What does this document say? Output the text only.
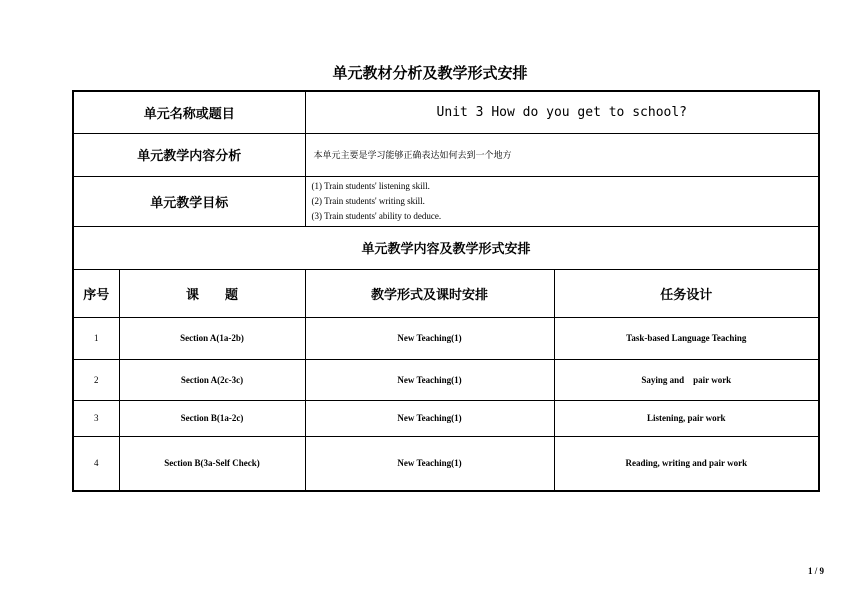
单元教材分析及教学形式安排
单元名称或题目		Unit 3 How do you get to school?	
单元教学内容分析		本单元主要是学习能够正确表达如何去到一个地方	
单元教学目标		(1) Train students' listening skill.
(2) Train students' writing skill.
(3) Train students' ability to deduce.	

单元教学内容及教学形式安排			
序号	课　　题	教学形式及课时安排	任务设计
1	Section A(1a-2b)	New Teaching(1)	Task-based Language Teaching
2	Section A(2c-3c)	New Teaching(1)	Saying and　pair work
3	Section B(1a-2c)	New Teaching(1)	Listening, pair work
4	Section B(3a-Self Check)	New Teaching(1)	Reading, writing and pair work
1 / 9
